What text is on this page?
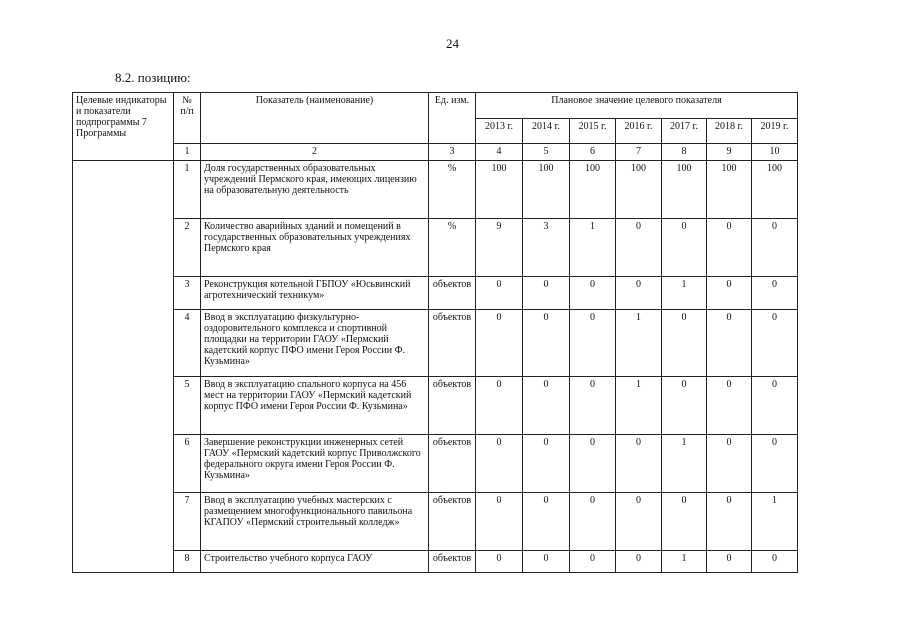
24
8.2. позицию:
Целевые индикаторы и показатели подпрограммы 7 Программы	№ п/п	Показатель (наименование)	Ед. изм.	Плановое значение целевого показателя						
				2013 г.	2014 г.	2015 г.	2016 г.	2017 г.	2018 г.	2019 г.
	1	2	3	4	5	6	7	8	9	10
	1	Доля государственных образовательных учреждений Пермского края, имеющих лицензию на образовательную деятельность	%	100	100	100	100	100	100	100
	2	Количество аварийных зданий и помещений в государственных образовательных учреждениях Пермского края	%	9	3	1	0	0	0	0
	3	Реконструкция котельной ГБПОУ «Юсьвинский агротехнический техникум»	объектов	0	0	0	0	1	0	0
	4	Ввод в эксплуатацию физкультурно-оздоровительного комплекса и спортивной площадки на территории ГАОУ «Пермский кадетский корпус ПФО имени Героя России Ф. Кузьмина»	объектов	0	0	0	1	0	0	0
	5	Ввод в эксплуатацию спального корпуса на 456 мест на территории ГАОУ «Пермский кадетский корпус ПФО имени Героя России Ф. Кузьмина»	объектов	0	0	0	1	0	0	0
	6	Завершение реконструкции инженерных сетей ГАОУ «Пермский кадетский корпус Приволжского федерального округа имени Героя России Ф. Кузьмина»	объектов	0	0	0	0	1	0	0
	7	Ввод в эксплуатацию учебных мастерских с размещением многофункционального павильона КГАПОУ «Пермский строительный колледж»	объектов	0	0	0	0	0	0	1
	8	Строительство учебного корпуса ГАОУ	объектов	0	0	0	0	1	0	0
